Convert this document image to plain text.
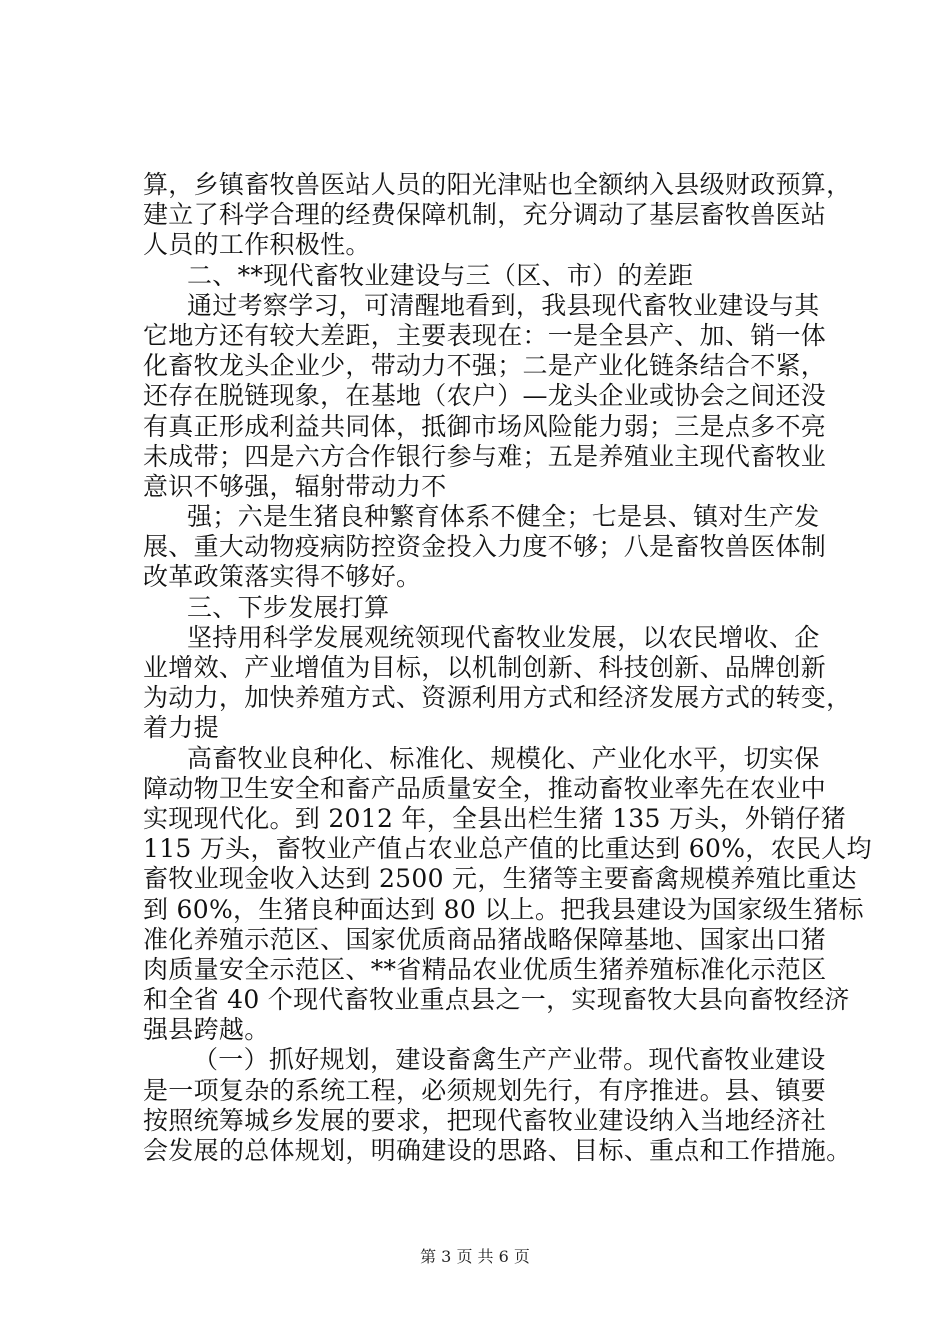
算，乡镇畜牧兽医站人员的阳光津贴也全额纳入县级财政预算，
建立了科学合理的经费保障机制，充分调动了基层畜牧兽医站
人员的工作积极性。
二、**现代畜牧业建设与三（区、市）的差距
通过考察学习，可清醒地看到，我县现代畜牧业建设与其
它地方还有较大差距，主要表现在：一是全县产、加、销一体
化畜牧龙头企业少，带动力不强；二是产业化链条结合不紧，
还存在脱链现象，在基地（农户）—龙头企业或协会之间还没
有真正形成利益共同体，抵御市场风险能力弱；三是点多不亮
未成带；四是六方合作银行参与难；五是养殖业主现代畜牧业
意识不够强，辐射带动力不
强；六是生猪良种繁育体系不健全；七是县、镇对生产发
展、重大动物疫病防控资金投入力度不够；八是畜牧兽医体制
改革政策落实得不够好。
三、下步发展打算
坚持用科学发展观统领现代畜牧业发展，以农民增收、企
业增效、产业增值为目标，以机制创新、科技创新、品牌创新
为动力，加快养殖方式、资源利用方式和经济发展方式的转变，
着力提
高畜牧业良种化、标准化、规模化、产业化水平，切实保
障动物卫生安全和畜产品质量安全，推动畜牧业率先在农业中
实现现代化。到 2012 年，全县出栏生猪 135 万头，外销仔猪
115 万头，畜牧业产值占农业总产值的比重达到 60%，农民人均
畜牧业现金收入达到 2500 元，生猪等主要畜禽规模养殖比重达
到 60%，生猪良种面达到 80 以上。把我县建设为国家级生猪标
准化养殖示范区、国家优质商品猪战略保障基地、国家出口猪
肉质量安全示范区、**省精品农业优质生猪养殖标准化示范区
和全省 40 个现代畜牧业重点县之一，实现畜牧大县向畜牧经济
强县跨越。
（一）抓好规划，建设畜禽生产产业带。现代畜牧业建设
是一项复杂的系统工程，必须规划先行，有序推进。县、镇要
按照统筹城乡发展的要求，把现代畜牧业建设纳入当地经济社
会发展的总体规划，明确建设的思路、目标、重点和工作措施。
第 3 页 共 6 页
